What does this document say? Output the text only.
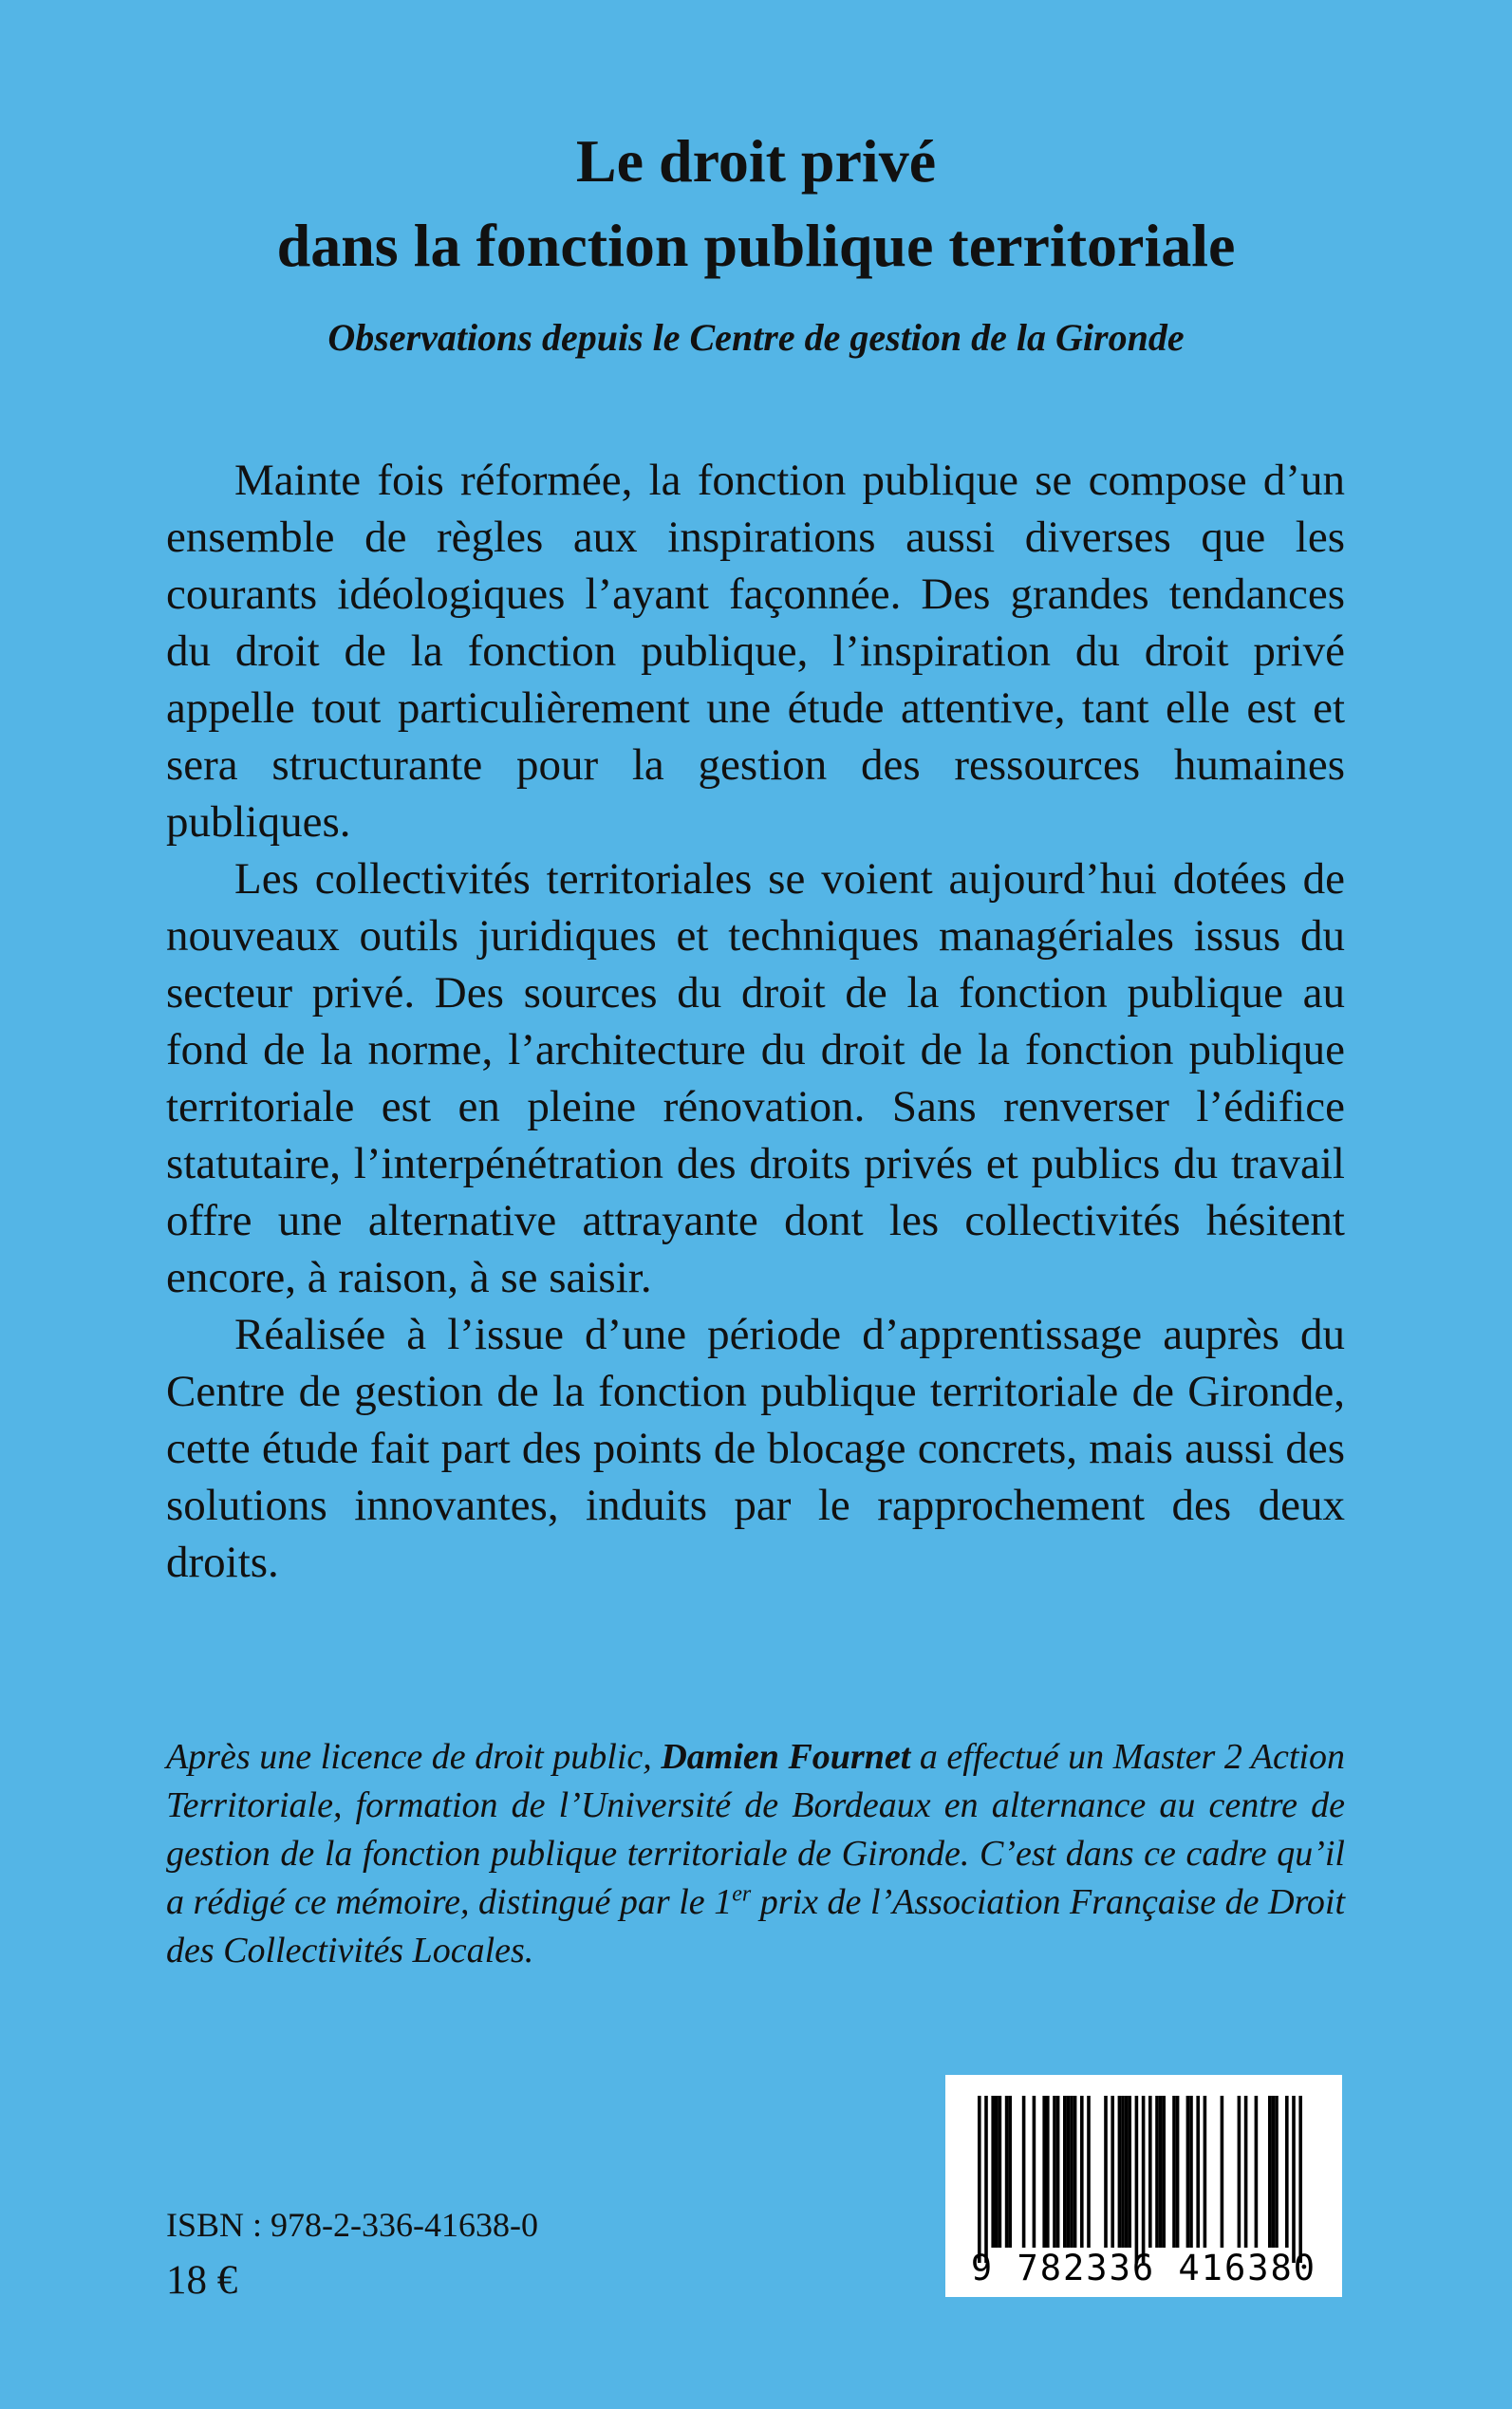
Le droit privé
dans la fonction publique territoriale
Observations depuis le Centre de gestion de la Gironde

Mainte fois réformée, la fonction publique se compose d’un ensemble de règles aux inspirations aussi diverses que les courants idéologiques l’ayant façonnée. Des grandes tendances du droit de la fonction publique, l’inspiration du droit privé appelle tout particulièrement une étude attentive, tant elle est et sera structurante pour la gestion des ressources humaines publiques.

Les collectivités territoriales se voient aujourd’hui dotées de nouveaux outils juridiques et techniques managériales issus du secteur privé. Des sources du droit de la fonction publique au fond de la norme, l’architecture du droit de la fonction publique territoriale est en pleine rénovation. Sans renverser l’édifice statutaire, l’interpénétration des droits privés et publics du travail offre une alternative attrayante dont les collectivités hésitent encore, à raison, à se saisir.

Réalisée à l’issue d’une période d’apprentissage auprès du Centre de gestion de la fonction publique territoriale de Gironde, cette étude fait part des points de blocage concrets, mais aussi des solutions innovantes, induits par le rapprochement des deux droits.

Après une licence de droit public, Damien Fournet a effectué un Master 2 Action Territoriale, formation de l’Université de Bordeaux en alternance au centre de gestion de la fonction publique territoriale de Gironde. C’est dans ce cadre qu’il a rédigé ce mémoire, distingué par le 1er prix de l’Association Française de Droit des Collectivités Locales.

ISBN : 978-2-336-41638-0
18 €	9 782336 416380
